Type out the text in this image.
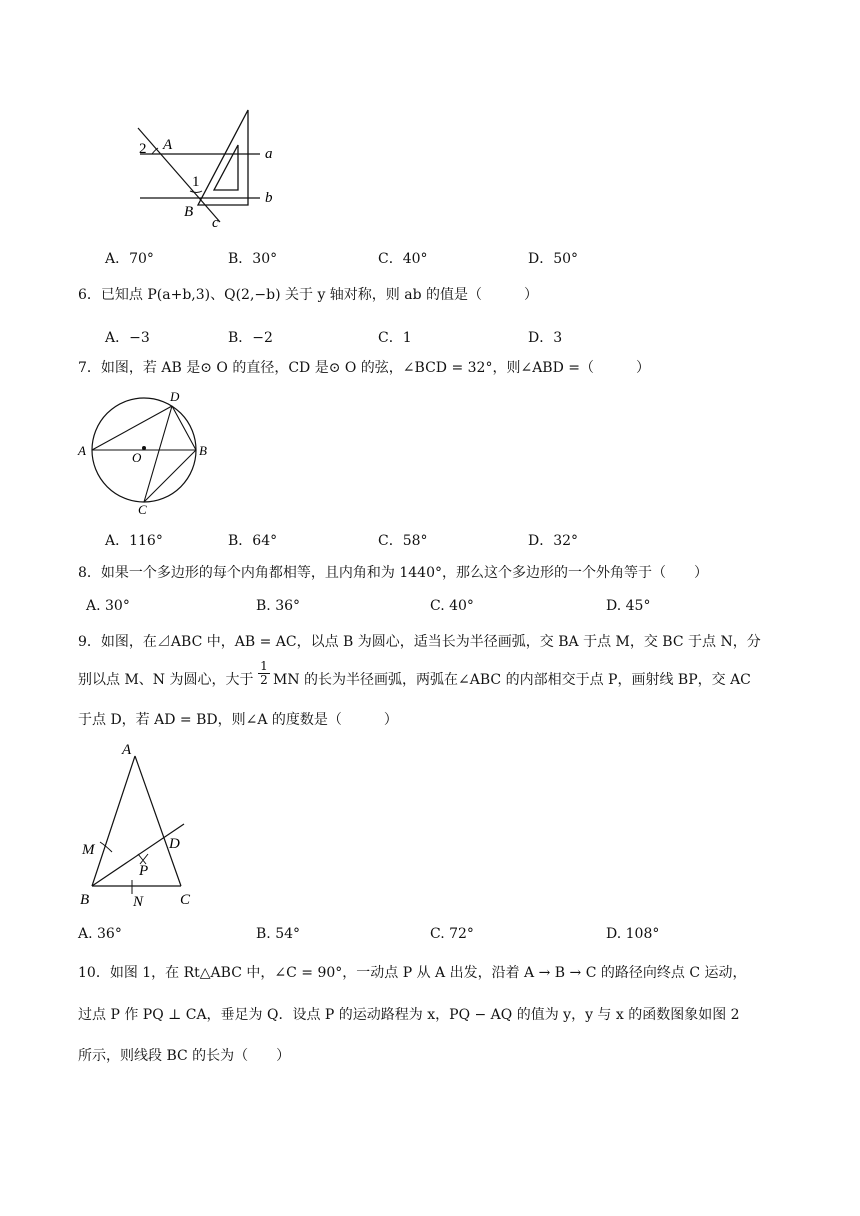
A
2
1
B
c
a
b
A．70°	B．30°	C．40°	D．50°
6．已知点 P(a+b,3)、Q(2,−b) 关于 y 轴对称，则 ab 的值是（　　　）
A．−3	B．−2	C．1	D．3
7．如图，若 AB 是⊙ O 的直径，CD 是⊙ O 的弦，∠BCD = 32°，则∠ABD =（　　　）
A	B
C
D
O
A．116°	B．64°	C．58°	D．32°
8．如果一个多边形的每个内角都相等，且内角和为 1440°，那么这个多边形的一个外角等于（　　）
A. 30°	B. 36°	C. 40°	D. 45°
9．如图，在⊿ABC 中，AB = AC，以点 B 为圆心，适当长为半径画弧，交 BA 于点 M，交 BC 于点 N，分
别以点 M、N 为圆心，大于 $\frac{1}{2}$ MN 的长为半径画弧，两弧在∠ABC 的内部相交于点 P，画射线 BP，交 AC
于点 D，若 AD = BD，则∠A 的度数是（　　　）
A
B	C
D
M
N
P
A. 36°	B. 54°	C. 72°	D. 108°
10．如图 1，在 Rt△ABC 中，∠C = 90°，一动点 P 从 A 出发，沿着 A → B → C 的路径向终点 C 运动，
过点 P 作 PQ ⊥ CA，垂足为 Q．设点 P 的运动路程为 x，PQ − AQ 的值为 y，y 与 x 的函数图象如图 2
所示，则线段 BC 的长为（　　）
